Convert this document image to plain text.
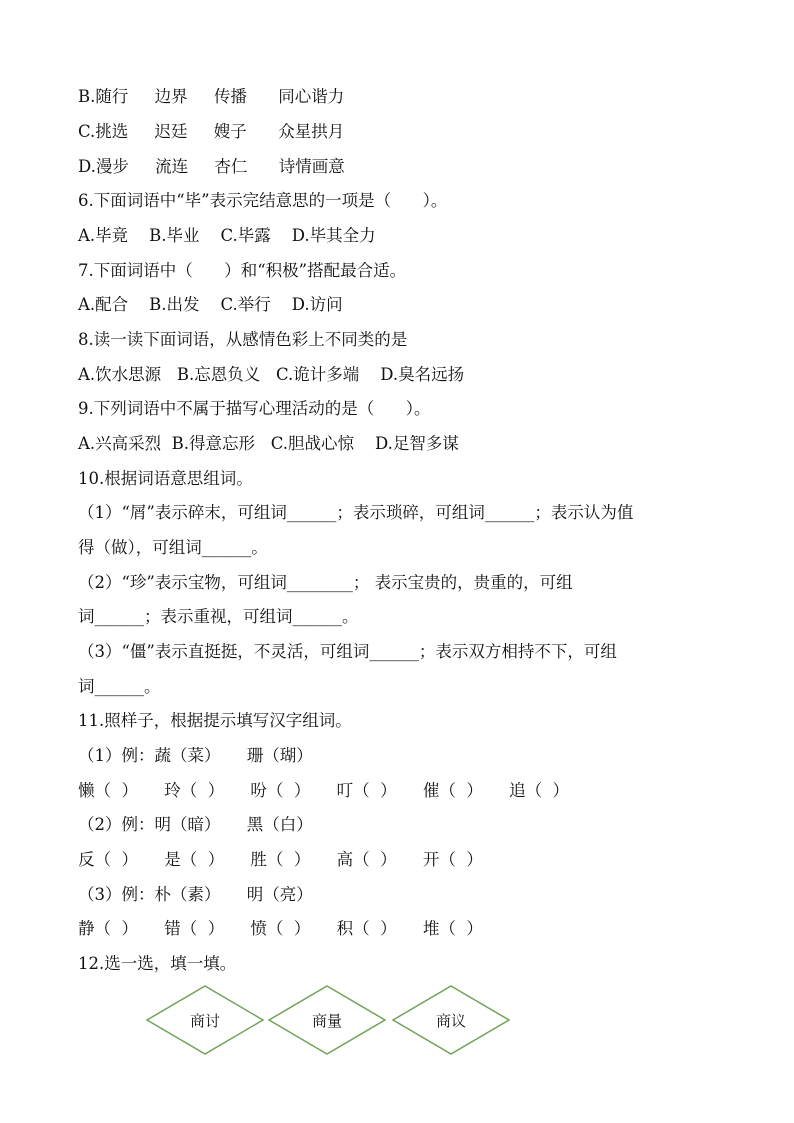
B.随行     边界     传播      同心谐力
C.挑选     迟廷     嫂子      众星拱月
D.漫步     流连     杏仁      诗情画意
6.下面词语中“毕”表示完结意思的一项是（      ）。
A.毕竟    B.毕业    C.毕露    D.毕其全力
7.下面词语中（      ）和“积极”搭配最合适。
A.配合    B.出发    C.举行    D.访问
8.读一读下面词语，从感情色彩上不同类的是
A.饮水思源   B.忘恩负义   C.诡计多端    D.臭名远扬
9.下列词语中不属于描写心理活动的是（      ）。
A.兴高采烈  B.得意忘形   C.胆战心惊    D.足智多谋
10.根据词语意思组词。
（1）“屑”表示碎末，可组词______；表示琐碎，可组词______；表示认为值
得（做），可组词______。
（2）“珍”表示宝物，可组词________； 表示宝贵的，贵重的，可组
词______；表示重视，可组词______。
（3）“僵”表示直挺挺，不灵活，可组词______；表示双方相持不下，可组
词______。
11.照样子，根据提示填写汉字组词。
（1）例：蔬（菜）     珊（瑚）
懒（  ）     玲（  ）     吩（  ）     叮（  ）     催（  ）     追（  ）
（2）例：明（暗）     黑（白）
反（  ）     是（  ）     胜（  ）     高（  ）     开（  ）
（3）例：朴（素）     明（亮）
静（  ）     错（  ）     愤（  ）     积（  ）     堆（  ）
12.选一选，填一填。
商讨	商量	商议
